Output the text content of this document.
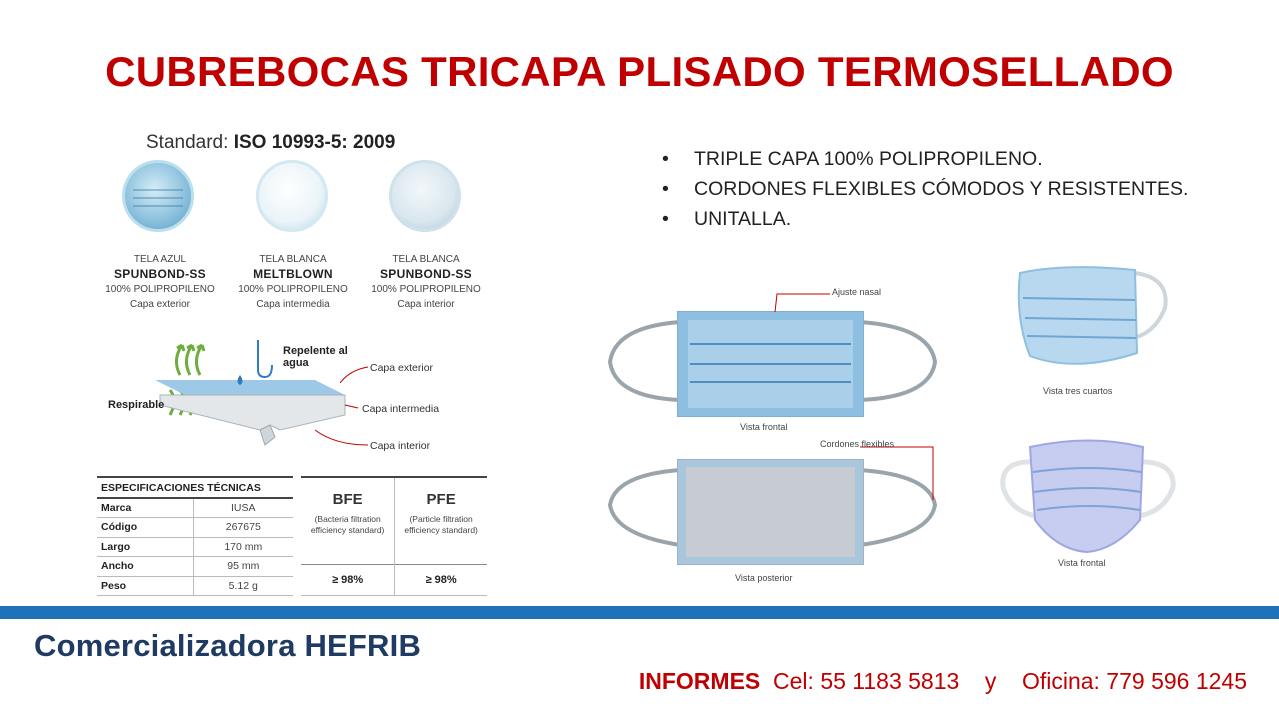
CUBREBOCAS TRICAPA PLISADO TERMOSELLADO
Standard: ISO 10993-5: 2009
TELA AZUL
SPUNBOND-SS
100% POLIPROPILENO
Capa exterior
TELA BLANCA
MELTBLOWN
100% POLIPROPILENO
Capa intermedia
TELA BLANCA
SPUNBOND-SS
100% POLIPROPILENO
Capa interior
Repelente al agua
Respirable
Capa exterior
Capa intermedia
Capa interior
ESPECIFICACIONES TÉCNICAS	
Marca	IUSA
Código	267675
Largo	170 mm
Ancho	95 mm
Peso	5.12 g
BFE	PFE
(Bacteria filtration efficiency standard)	(Particle filtration efficiency standard)
≥ 98%	≥ 98%
• TRIPLE CAPA 100% POLIPROPILENO.
• CORDONES FLEXIBLES CÓMODOS Y RESISTENTES.
• UNITALLA.
Ajuste nasal
Vista frontal
Cordones flexibles
Vista posterior
Vista tres cuartos
Vista frontal
Comercializadora HEFRIB
INFORMES Cel: 55 1183 5813 y Oficina: 779 596 1245
